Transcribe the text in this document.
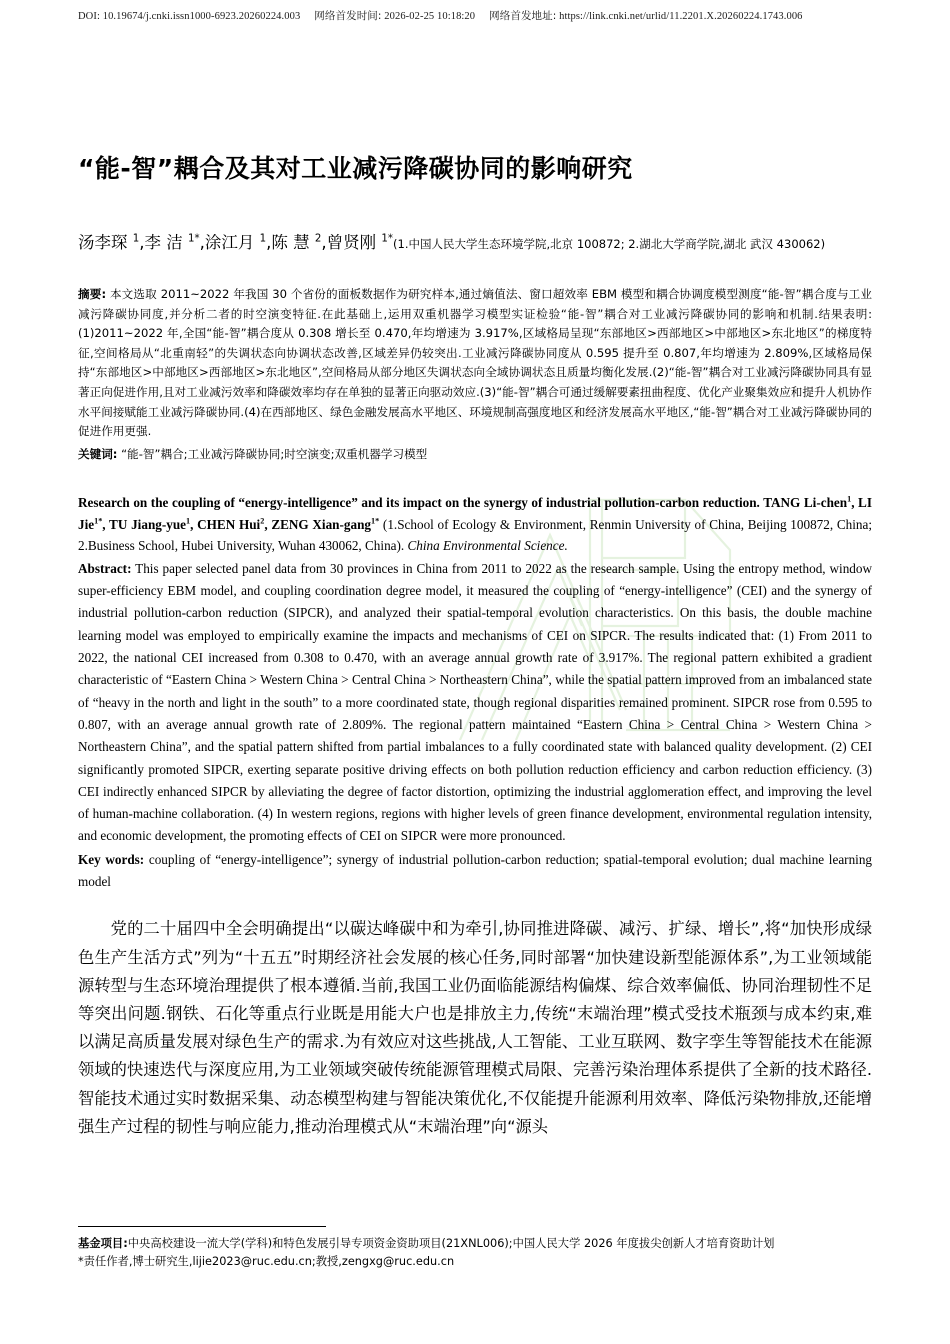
DOI: 10.19674/j.cnki.issn1000-6923.20260224.003 网络首发时间: 2026-02-25 10:18:20 网络首发地址: https://link.cnki.net/urlid/11.2201.X.20260224.1743.006
“能-智”耦合及其对工业减污降碳协同的影响研究
汤李琛 $^1$,李 洁 $^{1*}$,涂江月 $^1$,陈 慧 $^2$,曾贤刚 $^{1*}$(1.中国人民大学生态环境学院,北京 100872; 2.湖北大学商学院,湖北 武汉 430062)
摘要: 本文选取 2011~2022 年我国 30 个省份的面板数据作为研究样本,通过熵值法、窗口超效率 EBM 模型和耦合协调度模型测度“能-智”耦合度与工业减污降碳协同度,并分析二者的时空演变特征.在此基础上,运用双重机器学习模型实证检验“能-智”耦合对工业减污降碳协同的影响和机制.结果表明:(1)2011~2022 年,全国“能-智”耦合度从 0.308 增长至 0.470,年均增速为 3.917%,区域格局呈现“东部地区>西部地区>中部地区>东北地区”的梯度特征,空间格局从“北重南轻”的失调状态向协调状态改善,区域差异仍较突出.工业减污降碳协同度从 0.595 提升至 0.807,年均增速为 2.809%,区域格局保持“东部地区>中部地区>西部地区>东北地区”,空间格局从部分地区失调状态向全域协调状态且质量均衡化发展.(2)“能-智”耦合对工业减污降碳协同具有显著正向促进作用,且对工业减污效率和降碳效率均存在单独的显著正向驱动效应.(3)“能-智”耦合可通过缓解要素扭曲程度、优化产业聚集效应和提升人机协作水平间接赋能工业减污降碳协同.(4)在西部地区、绿色金融发展高水平地区、环境规制高强度地区和经济发展高水平地区,“能-智”耦合对工业减污降碳协同的促进作用更强.
关键词: “能-智”耦合;工业减污降碳协同;时空演变;双重机器学习模型
Research on the coupling of “energy-intelligence” and its impact on the synergy of industrial pollution-carbon reduction. TANG Li-chen$^1$, LI Jie$^{1*}$, TU Jiang-yue$^1$, CHEN Hui$^2$, ZENG Xian-gang$^{1*}$ (1.School of Ecology & Environment, Renmin University of China, Beijing 100872, China; 2.Business School, Hubei University, Wuhan 430062, China). China Environmental Science.
Abstract: This paper selected panel data from 30 provinces in China from 2011 to 2022 as the research sample. Using the entropy method, window super-efficiency EBM model, and coupling coordination degree model, it measured the coupling of “energy-intelligence” (CEI) and the synergy of industrial pollution-carbon reduction (SIPCR), and analyzed their spatial-temporal evolution characteristics. On this basis, the double machine learning model was employed to empirically examine the impacts and mechanisms of CEI on SIPCR. The results indicated that: (1) From 2011 to 2022, the national CEI increased from 0.308 to 0.470, with an average annual growth rate of 3.917%. The regional pattern exhibited a gradient characteristic of “Eastern China > Western China > Central China > Northeastern China”, while the spatial pattern improved from an imbalanced state of “heavy in the north and light in the south” to a more coordinated state, though regional disparities remained prominent. SIPCR rose from 0.595 to 0.807, with an average annual growth rate of 2.809%. The regional pattern maintained “Eastern China > Central China > Western China > Northeastern China”, and the spatial pattern shifted from partial imbalances to a fully coordinated state with balanced quality development. (2) CEI significantly promoted SIPCR, exerting separate positive driving effects on both pollution reduction efficiency and carbon reduction efficiency. (3) CEI indirectly enhanced SIPCR by alleviating the degree of factor distortion, optimizing the industrial agglomeration effect, and improving the level of human-machine collaboration. (4) In western regions, regions with higher levels of green finance development, environmental regulation intensity, and economic development, the promoting effects of CEI on SIPCR were more pronounced.
Key words: coupling of “energy-intelligence”; synergy of industrial pollution-carbon reduction; spatial-temporal evolution; dual machine learning model

党的二十届四中全会明确提出“以碳达峰碳中和为牵引,协同推进降碳、减污、扩绿、增长”,将“加快形成绿色生产生活方式”列为“十五五”时期经济社会发展的核心任务,同时部署“加快建设新型能源体系”,为工业领域能源转型与生态环境治理提供了根本遵循.当前,我国工业仍面临能源结构偏煤、综合效率偏低、协同治理韧性不足等突出问题.钢铁、石化等重点行业既是用能大户也是排放主力,传统“末端治理”模式受技术瓶颈与成本约束,难以满足高质量发展对绿色生产的需求.为有效应对这些挑战,人工智能、工业互联网、数字孪生等智能技术在能源领域的快速迭代与深度应用,为工业领域突破传统能源管理模式局限、完善污染治理体系提供了全新的技术路径.智能技术通过实时数据采集、动态模型构建与智能决策优化,不仅能提升能源利用效率、降低污染物排放,还能增强生产过程的韧性与响应能力,推动治理模式从“末端治理”向“源头

基金项目:中央高校建设一流大学(学科)和特色发展引导专项资金资助项目(21XNL006);中国人民大学 2026 年度拔尖创新人才培育资助计划
*责任作者,博士研究生,lijie2023@ruc.edu.cn;教授,zengxg@ruc.edu.cn
